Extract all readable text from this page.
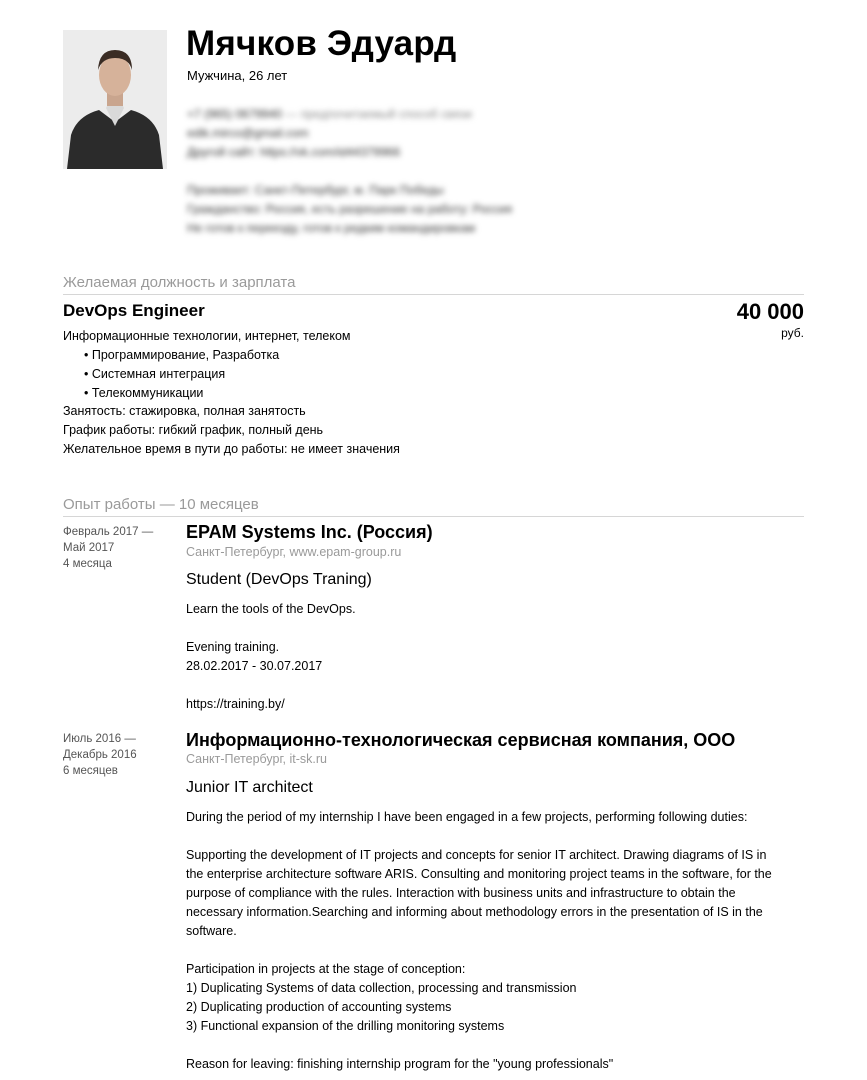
Мячков Эдуард
Мужчина, 26 лет
+7 (965) 0679940 — предпочитаемый способ связи
edik.mirco@gmail.com
Другой сайт: https://vk.com/id44379966
Проживает: Санкт-Петербург, м. Парк Победы
Гражданство: Россия, есть разрешение на работу: Россия
Не готов к переезду, готов к редким командировкам
Желаемая должность и зарплата
DevOps Engineer	40 000
руб.
Информационные технологии, интернет, телеком
• Программирование, Разработка
• Системная интеграция
• Телекоммуникации
Занятость: стажировка, полная занятость
График работы: гибкий график, полный день
Желательное время в пути до работы: не имеет значения
Опыт работы — 10 месяцев
Февраль 2017 —
Май 2017
4 месяца
EPAM Systems Inc. (Россия)
Санкт-Петербург, www.epam-group.ru
Student (DevOps Traning)
Learn the tools of the DevOps.

Evening training.
28.02.2017 - 30.07.2017

https://training.by/
Июль 2016 —
Декабрь 2016
6 месяцев
Информационно-технологическая сервисная компания, ООО
Санкт-Петербург, it-sk.ru
Junior IT architect
During the period of my internship I have been engaged in a few projects, performing following duties:

Supporting the development of IT projects and concepts for senior IT architect. Drawing diagrams of IS in the enterprise architecture software ARIS. Consulting and monitoring project teams in the software, for the purpose of compliance with the rules. Interaction with business units and infrastructure to obtain the necessary information.Searching and informing about methodology errors in the presentation of IS in the software.

Participation in projects at the stage of conception:
1) Duplicating Systems of data collection, processing and transmission
2) Duplicating production of accounting systems
3) Functional expansion of the drilling monitoring systems

Reason for leaving: finishing internship program for the "young professionals"
